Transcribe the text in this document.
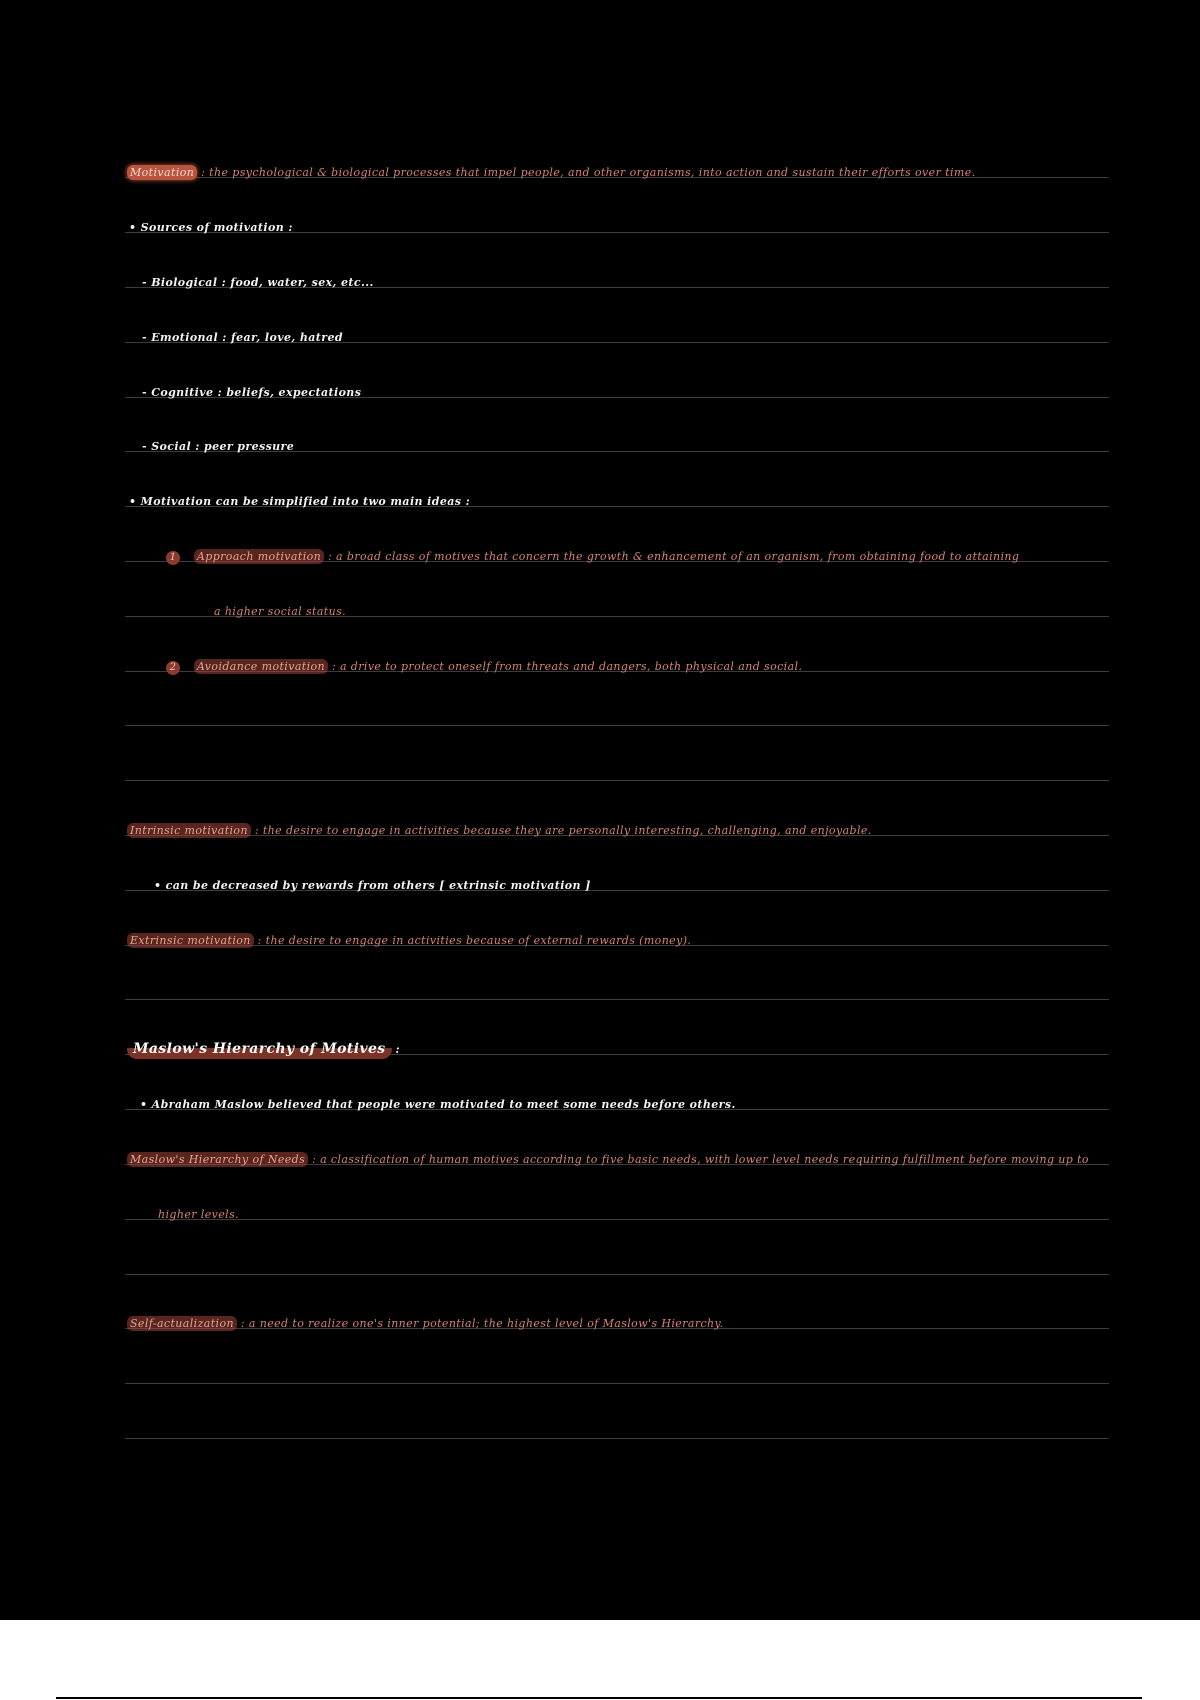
Motivation : the psychological & biological processes that impel people, and other organisms, into action and sustain their efforts over time.
• Sources of motivation :
- Biological : food, water, sex, etc...
- Emotional : fear, love, hatred
- Cognitive : beliefs, expectations
- Social : peer pressure
• Motivation can be simplified into two main ideas :
1 Approach motivation : a broad class of motives that concern the growth & enhancement of an organism, from obtaining food to attaining
a higher social status.
2 Avoidance motivation : a drive to protect oneself from threats and dangers, both physical and social.
Intrinsic motivation : the desire to engage in activities because they are personally interesting, challenging, and enjoyable.
• can be decreased by rewards from others [ extrinsic motivation ]
Extrinsic motivation : the desire to engage in activities because of external rewards (money).
Maslow's Hierarchy of Motives :
• Abraham Maslow believed that people were motivated to meet some needs before others.
Maslow's Hierarchy of Needs : a classification of human motives according to five basic needs, with lower level needs requiring fulfillment before moving up to
higher levels.
Self-actualization : a need to realize one's inner potential; the highest level of Maslow's Hierarchy.
